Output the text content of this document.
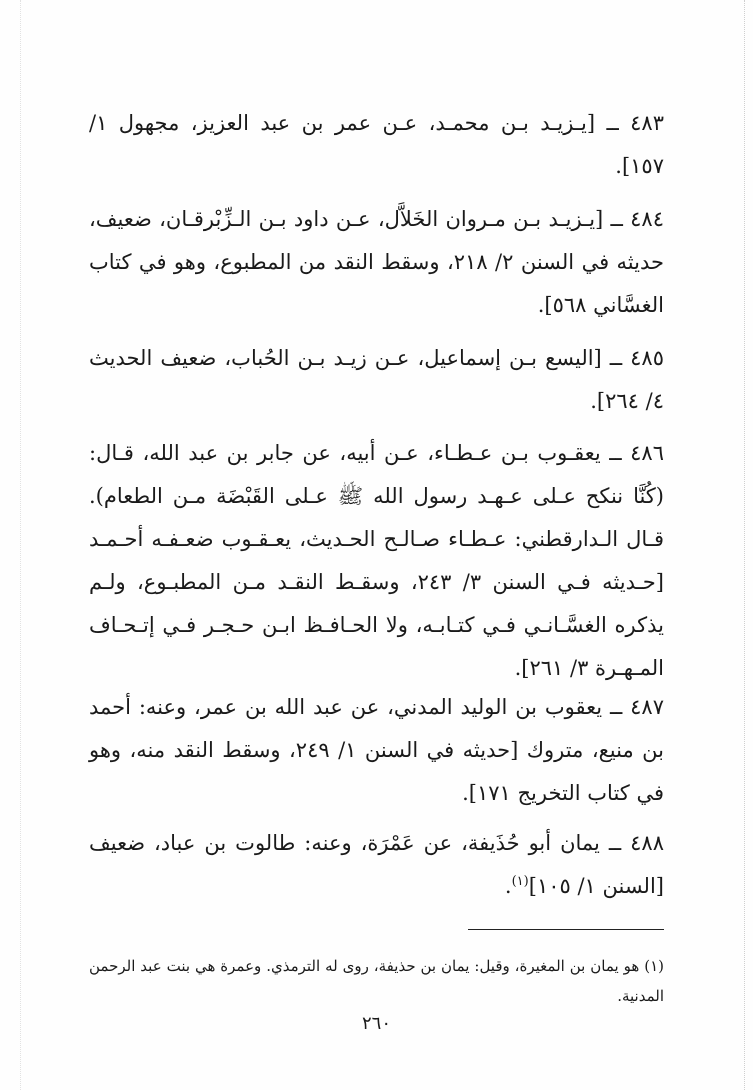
٤٨٣ ــ [يـزيـد بـن محمـد، عـن عمر بن عبد العزيز، مجهول ١/ ١٥٧].

٤٨٤ ــ [يـزيـد بـن مـروان الخَلاَّل، عـن داود بـن الـزِّبْرقـان، ضعيف، حديثه في السنن ٢/ ٢١٨، وسقط النقد من المطبوع، وهو في كتاب الغسَّاني ٥٦٨].

٤٨٥ ــ [اليسع بـن إسماعيل، عـن زيـد بـن الحُباب، ضعيف الحديث ٤/ ٢٦٤].

٤٨٦ ــ يعقـوب بـن عـطـاء، عـن أبيه، عن جابر بن عبد الله، قـال: (كُنَّا ننكح عـلى عـهـد رسول الله ﷺ عـلى القَبْضَة مـن الطعام). قـال الـدارقطني: عـطـاء صـالـح الحـديث، يعـقـوب ضعـفـه أحـمـد [حـديثه فـي السنن ٣/ ٢٤٣، وسقـط النقـد مـن المطبـوع، ولـم يذكره الغسَّـانـي فـي كتـابـه، ولا الحـافـظ ابـن حـجـر فـي إتـحـاف المـهـرة ٣/ ٢٦١].

٤٨٧ ــ يعقوب بن الوليد المدني، عن عبد الله بن عمر، وعنه: أحمد بن منيع، متروك [حديثه في السنن ١/ ٢٤٩، وسقط النقد منه، وهو في كتاب التخريج ١٧١].

٤٨٨ ــ يمان أبو حُذَيفة، عن عَمْرَة، وعنه: طالوت بن عباد، ضعيف [السنن ١/ ١٠٥]$^{(١)}$.

(١) هو يمان بن المغيرة، وقيل: يمان بن حذيفة، روى له الترمذي. وعمرة هي بنت عبد الرحمن المدنية.

٢٦٠
